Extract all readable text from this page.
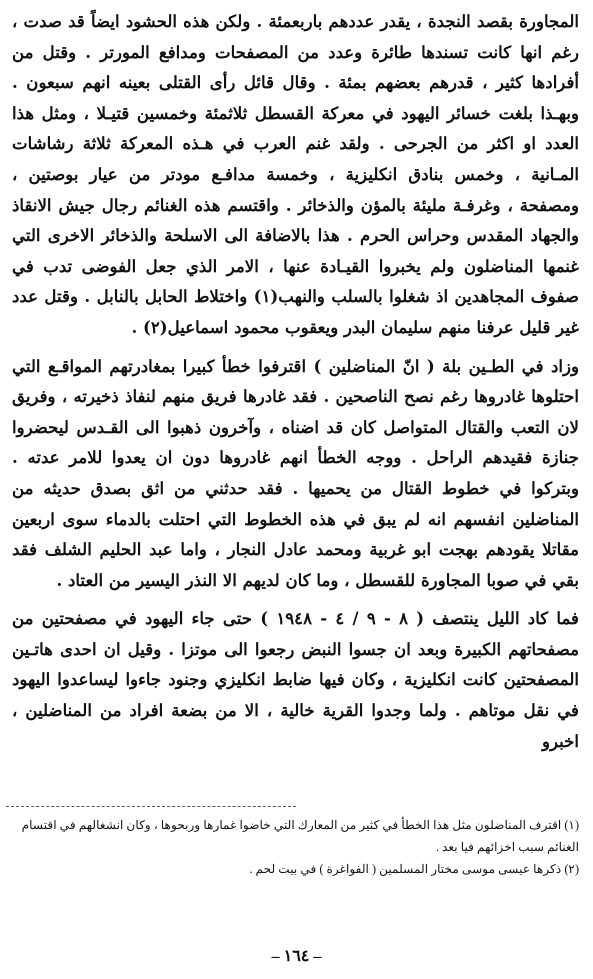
المجاورة بقصد النجدة ، يقدر عددهم باربعمئة . ولكن هذه الحشود ايضاً قد صدت ، رغم انها كانت تسندها طائرة وعدد من المصفحات ومدافع المورتر . وقتل من أفرادها كثير ، قدرهم بعضهم بمئة . وقال قائل رأى القتلى بعينه انهم سبعون . وبهـذا بلغت خسائر اليهود في معركة القسطل ثلاثمئة وخمسين قتيـلا ، ومثل هذا العدد او اكثر من الجرحى . ولقد غنم العرب في هـذه المعركة ثلاثة رشاشات المـانية ، وخمس بنادق انكليزية ، وخمسة مدافـع مودتر من عيار بوصتين ، ومصفحة ، وغرفـة مليئة بالمؤن والذخائر . واقتسم هذه الغنائم رجال جيش الانقاذ والجهاد المقدس وحراس الحرم . هذا بالاضافة الى الاسلحة والذخائر الاخرى التي غنمها المناضلون ولم يخبروا القيـادة عنها ، الامر الذي جعل الفوضى تدب في صفوف المجاهدين اذ شغلوا بالسلب والنهب(١) واختلاط الحابل بالنابل . وقتل عدد غير قليل عرفنا منهم سليمان البدر ويعقوب محمود اسماعيل(٢) .

وزاد في الطـين بلة ( انّ المناضلين ) اقترفوا خطأ كبيرا بمغادرتهم المواقـع التي احتلوها غادروها رغم نصح الناصحين . فقد غادرها فريق منهم لنفاذ ذخيرته ، وفريق لان التعب والقتال المتواصل كان قد اضناه ، وآخرون ذهبوا الى القـدس ليحضروا جنازة فقيدهم الراحل . ووجه الخطأ انهم غادروها دون ان يعدوا للامر عدته . وبتركوا في خطوط القتال من يحميها . فقد حدثني من اثق بصدق حديثه من المناضلين انفسهم انه لم يبق في هذه الخطوط التي احتلت بالدماء سوى اربعين مقاتلا يقودهم بهجت ابو غربية ومحمد عادل النجار ، واما عبد الحليم الشلف فقد بقي في صوبا المجاورة للقسطل ، وما كان لديهم الا النذر اليسير من العتاد .

فما كاد الليل ينتصف ( ٨ - ٩ / ٤ - ١٩٤٨ ) حتى جاء اليهود في مصفحتين من مصفحاتهم الكبيرة وبعد ان جسوا النبض رجعوا الى موتزا . وقيل ان احدى هاتـين المصفحتين كانت انكليزية ، وكان فيها ضابط انكليزي وجنود جاءوا ليساعدوا اليهود في نقل موتاهم . ولما وجدوا القرية خالية ، الا من بضعة افراد من المناضلين ، اخبرو

(١) اقترف المناضلون مثل هذا الخطأ في كثير من المعارك التي خاضوا غمارها وربحوها ، وكان انشغالهم في اقتسام الغنائم سبب اخزائهم فيا بعد .

(٢) ذكرها عيسى موسى مختار المسلمين ( الفواغرة ) في بيت لحم .

– ١٦٤ –
